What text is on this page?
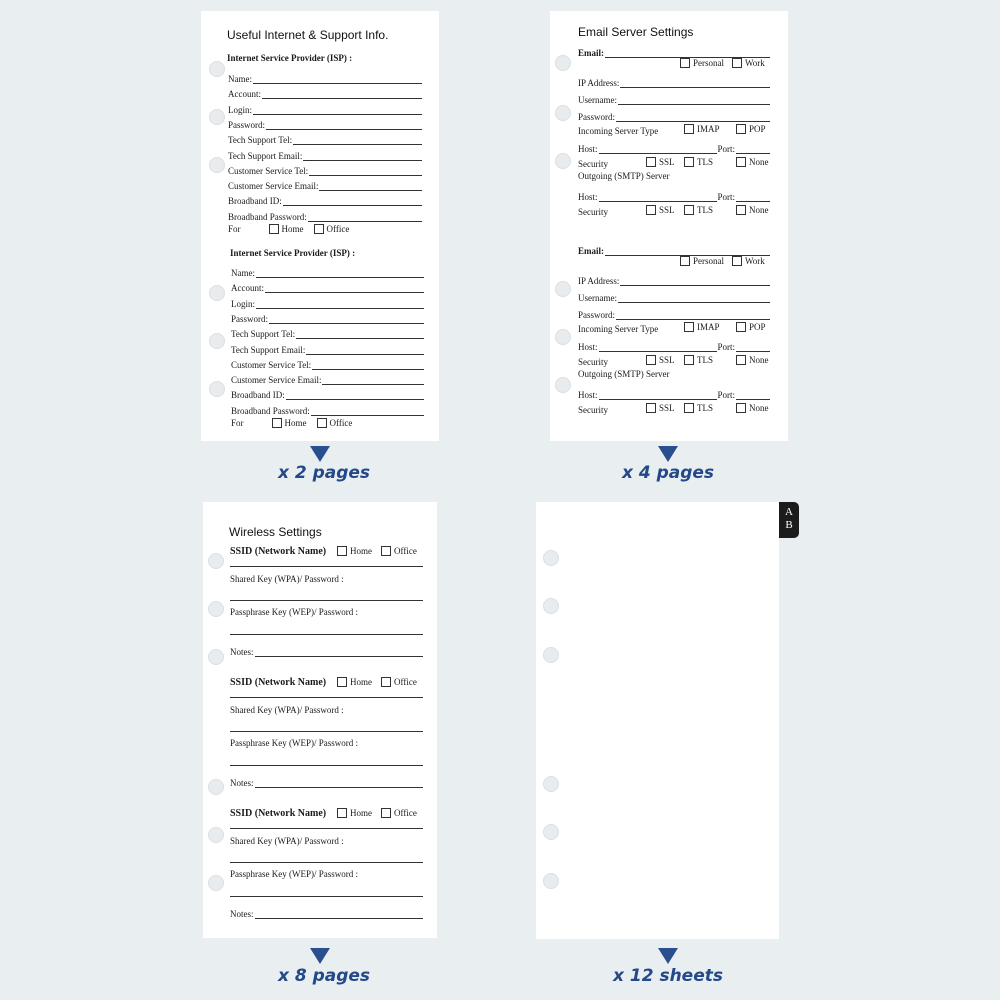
Useful Internet & Support Info.
Internet Service Provider (ISP) :
Internet Service Provider (ISP) :
Name:
Account:
Login:
Password:
Tech Support Tel:
Tech Support Email:
Customer Service Tel:
Customer Service Email:
Broadband ID:
Broadband Password:
For	Home	Office
Name:
Account:
Login:
Password:
Tech Support Tel:
Tech Support Email:
Customer Service Tel:
Customer Service Email:
Broadband ID:
Broadband Password:
For	Home	Office
Email Server Settings
Email:
Personal Work
IP Address:
Username:
Password:
Incoming Server Type	IMAP	POP
Host:	Port:
Security	SSL TLS	None
Outgoing (SMTP) Server
Host:	Port:
Security	SSL TLS	None
Email:
Personal Work
IP Address:
Username:
Password:
Incoming Server Type	IMAP	POP
Host:	Port:
Security	SSL TLS	None
Outgoing (SMTP) Server
Host:	Port:
Security	SSL TLS	None
Wireless Settings
SSID (Network Name)	Home Office
Shared Key (WPA)/ Password :
Passphrase Key (WEP)/ Password :
Notes:
SSID (Network Name)	Home Office
Shared Key (WPA)/ Password :
Passphrase Key (WEP)/ Password :
Notes:
SSID (Network Name)	Home Office
Shared Key (WPA)/ Password :
Passphrase Key (WEP)/ Password :
Notes:
A
B
x 2 pages	x 4 pages
x 8 pages	x 12 sheets
